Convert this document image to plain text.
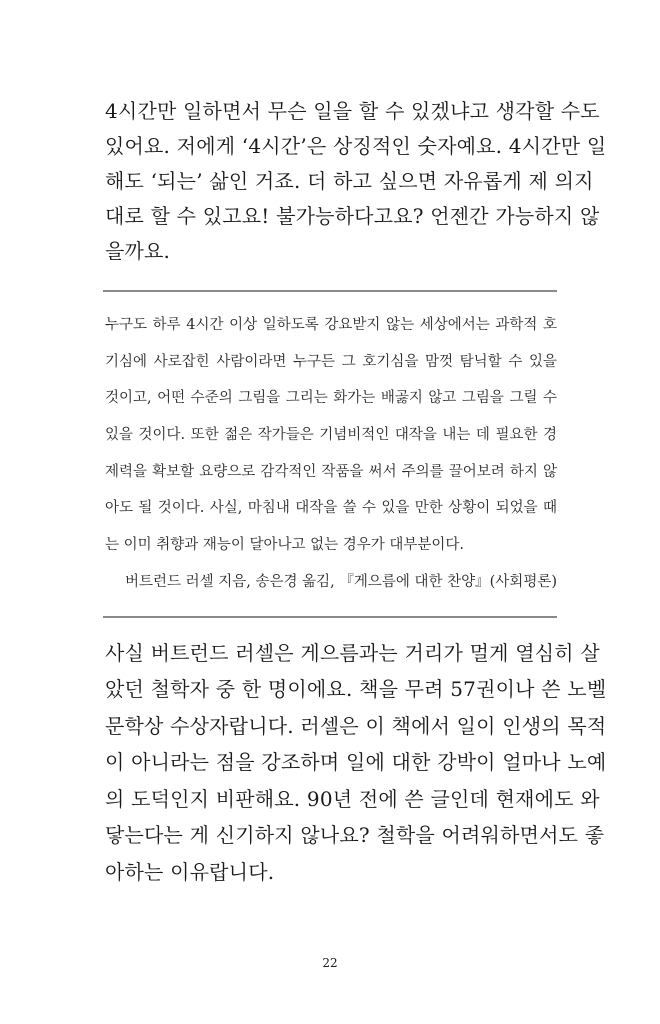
4시간만 일하면서 무슨 일을 할 수 있겠냐고 생각할 수도
있어요. 저에게 ‘4시간’은 상징적인 숫자예요. 4시간만 일
해도 ‘되는’ 삶인 거죠. 더 하고 싶으면 자유롭게 제 의지
대로 할 수 있고요! 불가능하다고요? 언젠간 가능하지 않
을까요.
누구도 하루 4시간 이상 일하도록 강요받지 않는 세상에서는 과학적 호
기심에 사로잡힌 사람이라면 누구든 그 호기심을 맘껏 탐닉할 수 있을
것이고, 어떤 수준의 그림을 그리는 화가는 배곯지 않고 그림을 그릴 수
있을 것이다. 또한 젊은 작가들은 기념비적인 대작을 내는 데 필요한 경
제력을 확보할 요량으로 감각적인 작품을 써서 주의를 끌어보려 하지 않
아도 될 것이다. 사실, 마침내 대작을 쓸 수 있을 만한 상황이 되었을 때
는 이미 취향과 재능이 달아나고 없는 경우가 대부분이다.
버트런드 러셀 지음, 송은경 옮김, 『게으름에 대한 찬양』(사회평론)
사실 버트런드 러셀은 게으름과는 거리가 멀게 열심히 살
았던 철학자 중 한 명이에요. 책을 무려 57권이나 쓴 노벨
문학상 수상자랍니다. 러셀은 이 책에서 일이 인생의 목적
이 아니라는 점을 강조하며 일에 대한 강박이 얼마나 노예
의 도덕인지 비판해요. 90년 전에 쓴 글인데 현재에도 와
닿는다는 게 신기하지 않나요? 철학을 어려워하면서도 좋
아하는 이유랍니다.
22
